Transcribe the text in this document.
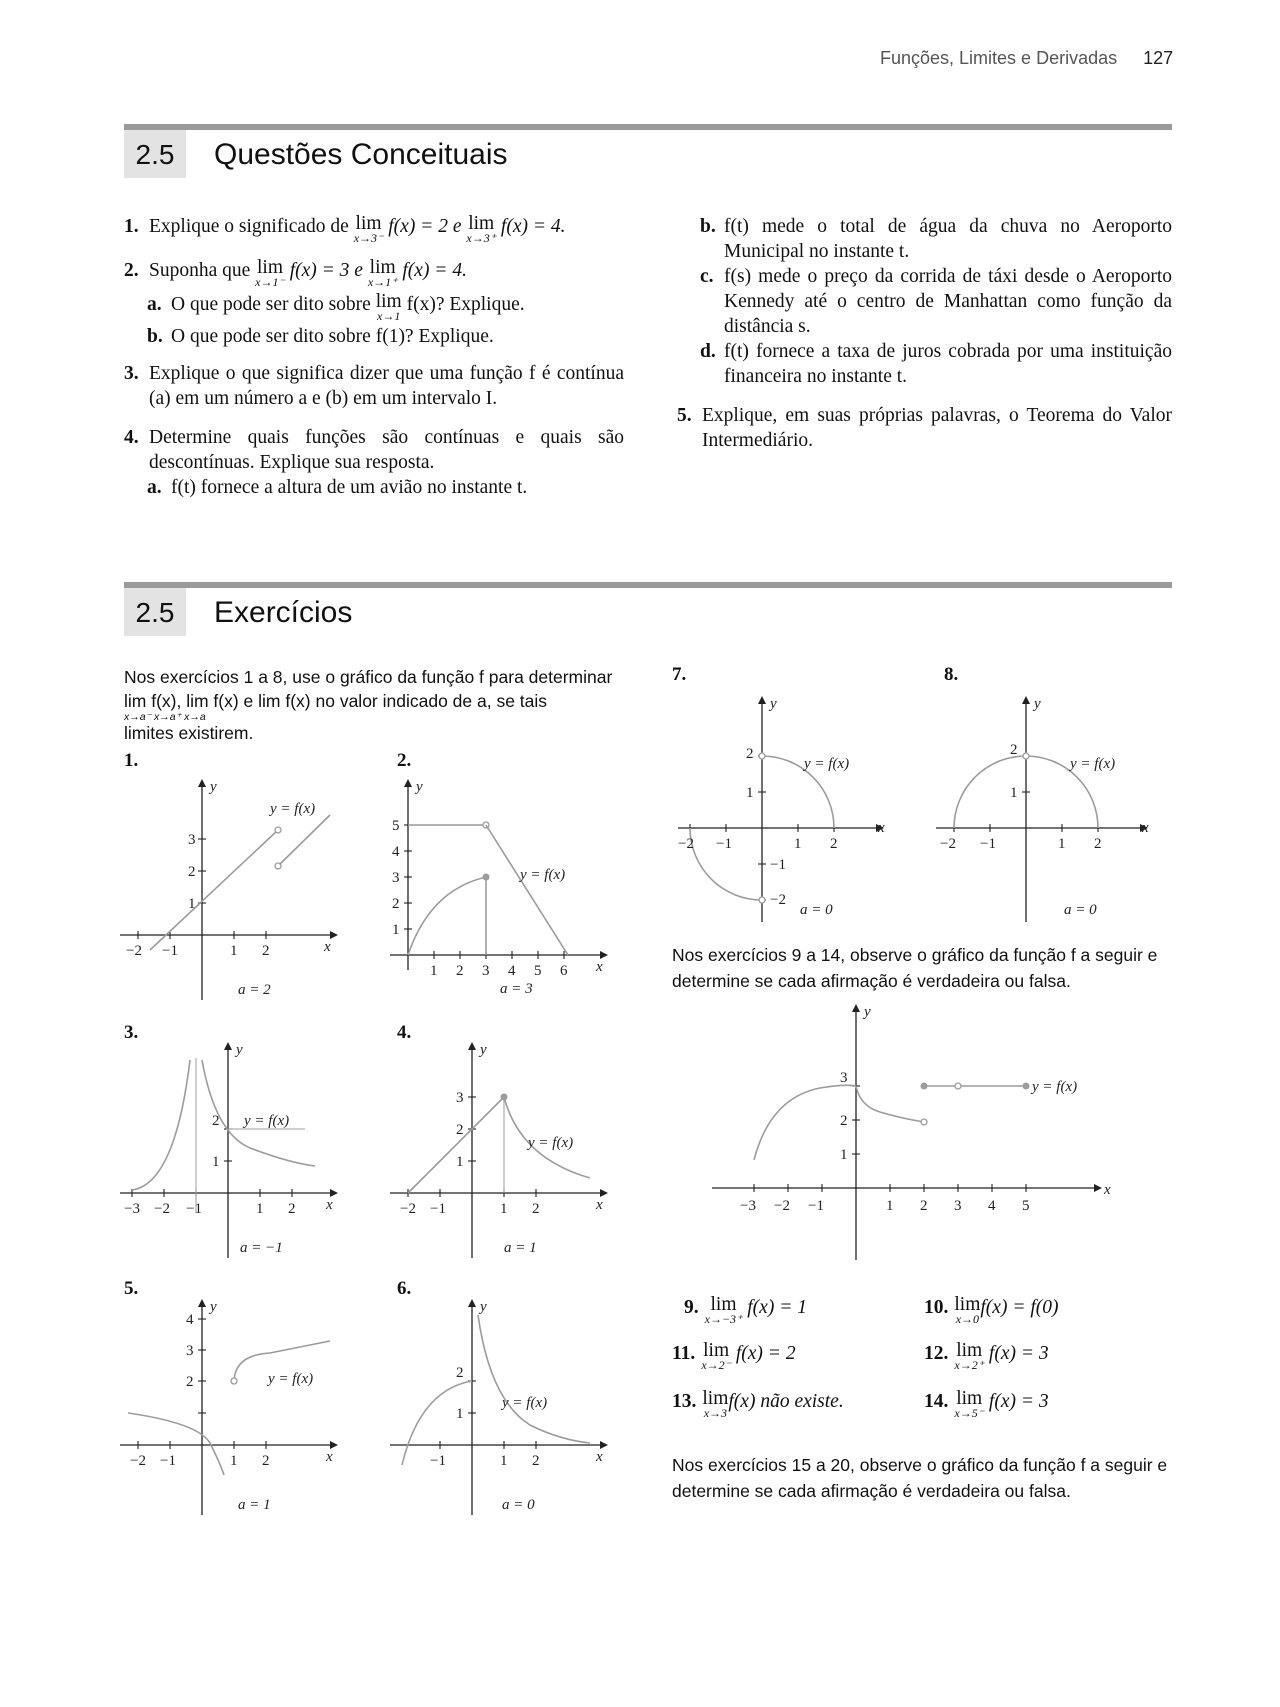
Funções, Limites e Derivadas 127
2.5	Questões Conceituais
1. Explique o significado de lim
x→3⁻
f(x) = 2 e lim
x→3⁺
f(x) = 4.
2. Suponha que lim
x→1⁻
f(x) = 3 e lim
x→1⁺
f(x) = 4.
a. O que pode ser dito sobre lim
x→1
f(x)? Explique.
b. O que pode ser dito sobre f(1)? Explique.
3. Explique o que significa dizer que uma função f é contínua (a) em um número a e (b) em um intervalo I.
4. Determine quais funções são contínuas e quais são descontínuas. Explique sua resposta.
a. f(t) fornece a altura de um avião no instante t.
b. f(t) mede o total de água da chuva no Aeroporto Municipal no instante t.
c. f(s) mede o preço da corrida de táxi desde o Aeroporto Kennedy até o centro de Manhattan como função da distância s.
d. f(t) fornece a taxa de juros cobrada por uma instituição financeira no instante t.
5. Explique, em suas próprias palavras, o Teorema do Valor Intermediário.
2.5	Exercícios
Nos exercícios 1 a 8, use o gráfico da função f para determinar
lim f(x), lim f(x) e lim f(x) no valor indicado de a, se tais
x→a⁻ x→a⁺ x→a
limites existirem.
1.	2.
3.	4.
5.	6.
7.	8.
−2 −1	1 2
1
2
3
x
y
y = f(x)
a = 2
1 2 3 4 5 6
1
2
3
4
5
x
y
y = f(x)
a = 3
−3 −2 −1	1 2
1
2
x
y
y = f(x)
a = −1
−2 −1	1 2
1
2
3
x
y
y = f(x)
a = 1
−2 −1	1 2
2
3
4
x
y
y = f(x)
a = 1
−1	1 2
1
2
x
y
y = f(x)
a = 0
−2 −1	1 2
1
2
−1
−2
x
y
y = f(x)
a = 0
−2 −1	1 2
1
2
x
y
y = f(x)
a = 0
Nos exercícios 9 a 14, observe o gráfico da função f a seguir e determine se cada afirmação é verdadeira ou falsa.
−3 −2 −1	1 2 3 4 5
1
2
3
x
y
y = f(x)
9. lim
x→−3⁺
f(x) = 1	10. lim
x→0
f(x) = f(0)
11. lim
x→2⁻
f(x) = 2	12. lim
x→2⁺
f(x) = 3
13. lim
x→3
f(x) não existe.	14. lim
x→5⁻
f(x) = 3
Nos exercícios 15 a 20, observe o gráfico da função f a seguir e determine se cada afirmação é verdadeira ou falsa.
